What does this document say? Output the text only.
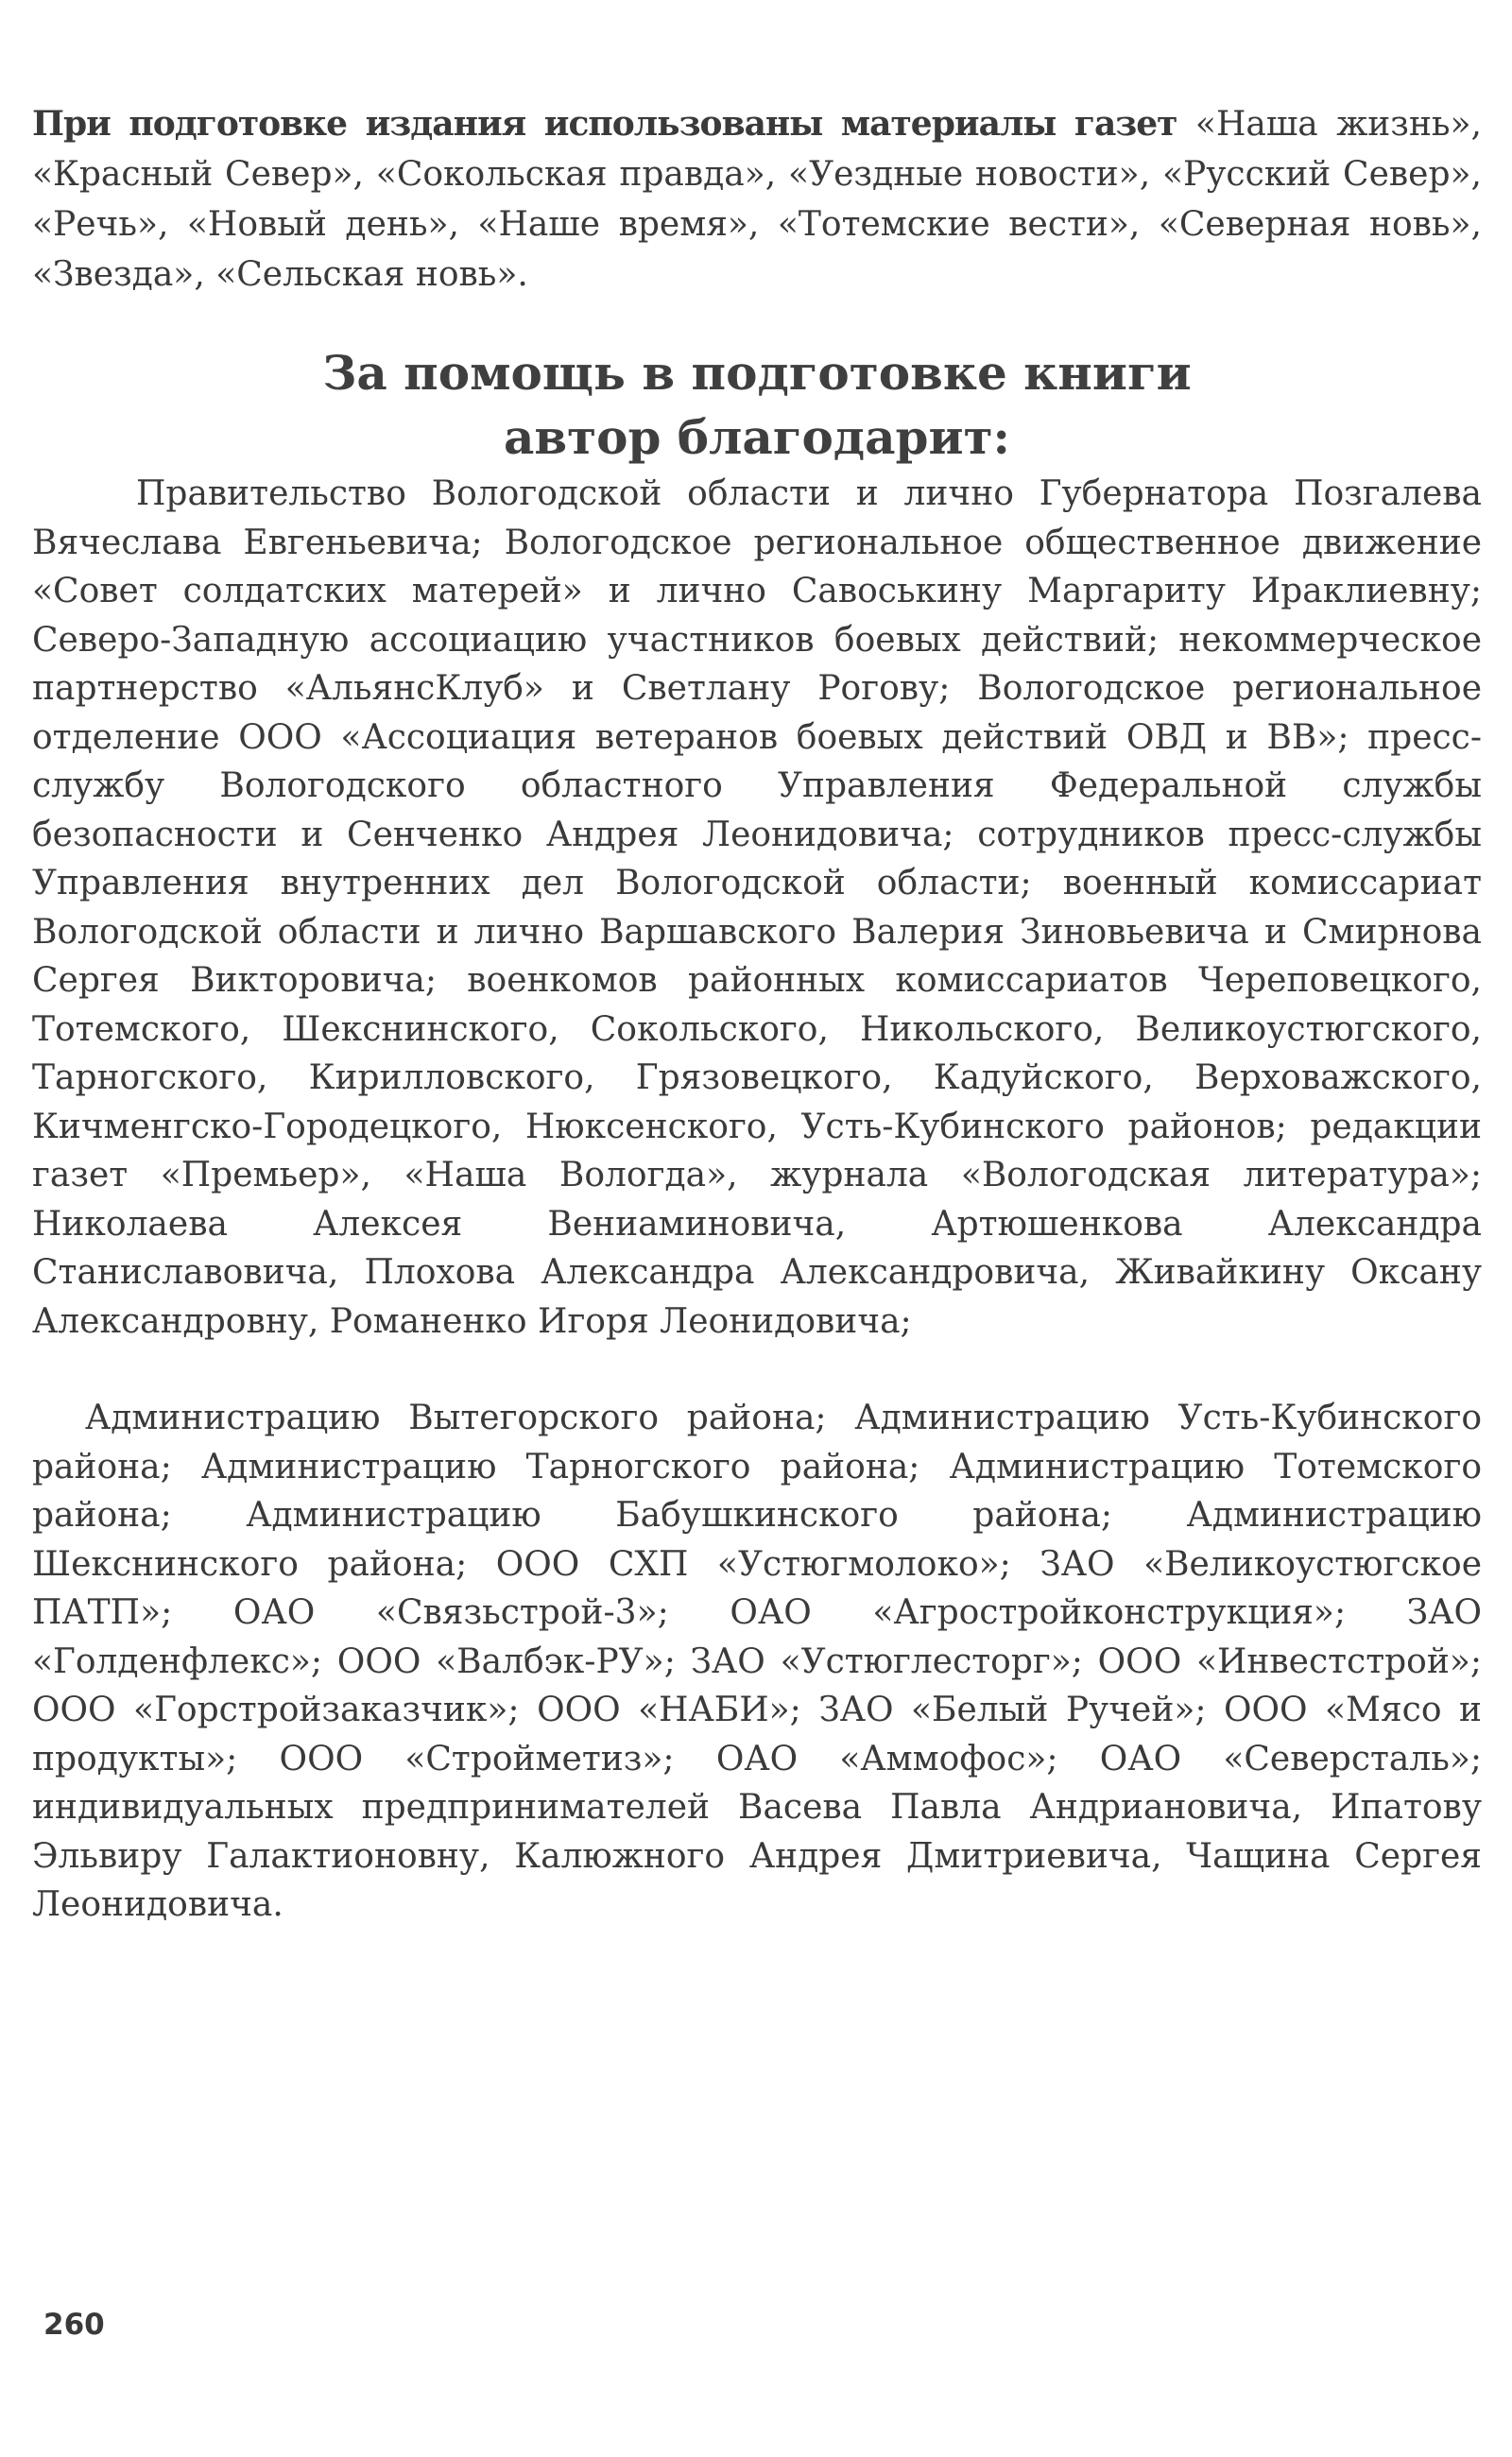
При подготовке издания использованы материалы газет «Наша жизнь», «Красный Север», «Сокольская правда», «Уездные новости», «Русский Север», «Речь», «Новый день», «Наше время», «Тотемские вести», «Северная новь», «Звезда», «Сельская новь».

За помощь в подготовке книги
автор благодарит:

Правительство Вологодской области и лично Губернатора Позгалева Вячеслава Евгеньевича; Вологодское региональное общественное движение «Совет солдатских матерей» и лично Савоськину Маргариту Ираклиевну; Северо-Западную ассоциацию участников боевых действий; некоммерческое партнерство «АльянсКлуб» и Светлану Рогову; Вологодское региональное отделение ООО «Ассоциация ветеранов боевых действий ОВД и ВВ»; пресс-службу Вологодского областного Управления Федеральной службы безопасности и Сенченко Андрея Леонидовича; сотрудников пресс-службы Управления внутренних дел Вологодской области; военный комиссариат Вологодской области и лично Варшавского Валерия Зиновьевича и Смирнова Сергея Викторовича; военкомов районных комиссариатов Череповецкого, Тотемского, Шекснинского, Сокольского, Никольского, Великоустюгского, Тарногского, Кирилловского, Грязовецкого, Кадуйского, Верховажского, Кичменгско-Городецкого, Нюксенского, Усть-Кубинского районов; редакции газет «Премьер», «Наша Вологда», журнала «Вологодская литература»; Николаева Алексея Вениаминовича, Артюшенкова Александра Станиславовича, Плохова Александра Александровича, Живайкину Оксану Александровну, Романенко Игоря Леонидовича;

Администрацию Вытегорского района; Администрацию Усть-Кубинского района; Администрацию Тарногского района; Администрацию Тотемского района; Администрацию Бабушкинского района; Администрацию Шекснинского района; ООО СХП «Устюгмолоко»; ЗАО «Великоустюгское ПАТП»; ОАО «Связьстрой-3»; ОАО «Агростройконструкция»; ЗАО «Голденфлекс»; ООО «Валбэк-РУ»; ЗАО «Устюглесторг»; ООО «Инвестстрой»; ООО «Горстройзаказчик»; ООО «НАБИ»; ЗАО «Белый Ручей»; ООО «Мясо и продукты»; ООО «Стройметиз»; ОАО «Аммофос»; ОАО «Северсталь»; индивидуальных предпринимателей Васева Павла Андриановича, Ипатову Эльвиру Галактионовну, Калюжного Андрея Дмитриевича, Чащина Сергея Леонидовича.

260
